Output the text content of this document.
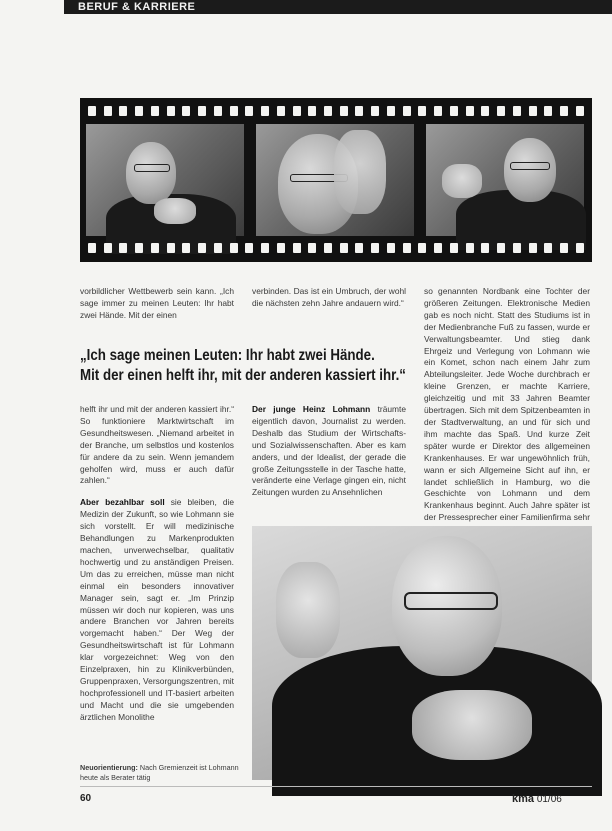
BERUF & KARRIERE
vorbildlicher Wettbewerb sein kann. „Ich sage immer zu meinen Leuten: Ihr habt zwei Hände. Mit der einen
verbinden. Das ist ein Umbruch, der wohl die nächsten zehn Jahre andauern wird.“
„Ich sage meinen Leuten: Ihr habt zwei Hände.
Mit der einen helft ihr, mit der anderen kassiert ihr.“

helft ihr und mit der anderen kassiert ihr.“ So funktioniere Marktwirtschaft im Gesundheitswesen. „Niemand arbeitet in der Branche, um selbstlos und kostenlos für andere da zu sein. Wenn jemandem geholfen wird, muss er auch dafür zahlen.“

Aber bezahlbar soll sie bleiben, die Medizin der Zukunft, so wie Lohmann sie sich vorstellt. Er will medizinische Behandlungen zu Markenprodukten machen, unverwechselbar, qualitativ hochwertig und zu anständigen Preisen. Um das zu erreichen, müsse man nicht einmal ein besonders innovativer Manager sein, sagt er. „Im Prinzip müssen wir doch nur kopieren, was uns andere Branchen vor Jahren bereits vorgemacht haben.“ Der Weg der Gesundheitswirtschaft ist für Lohmann klar vorgezeichnet: Weg von den Einzelpraxen, hin zu Klinikverbünden, Gruppenpraxen, Versorgungszentren, mit hochprofessionell und IT-basiert arbeiten und Macht und die sie umgebenden ärztlichen Monolithe

Der junge Heinz Lohmann träumte eigentlich davon, Journalist zu werden. Deshalb das Studium der Wirtschafts- und Sozialwissenschaften. Aber es kam anders, und der Idealist, der gerade die große Zeitungsstelle in der Tasche hatte, veränderte eine Verlage gingen ein, nicht Zeitungen wurden zu Ansehnlichen

so genannten Nordbank eine Tochter der größeren Zeitungen. Elektronische Medien gab es noch nicht. Statt des Studiums ist in der Medienbranche Fuß zu fassen, wurde er Verwaltungsbeamter. Und stieg dank Ehrgeiz und Verlegung von Lohmann wie ein Komet, schon nach einem Jahr zum Abteilungsleiter. Jede Woche durchbrach er kleine Grenzen, er machte Karriere, gleichzeitig und mit 33 Jahren Beamter übertragen. Sich mit dem Spitzenbeamten in der Stadtverwaltung, an und für sich und ihm machte das Spaß. Und kurze Zeit später wurde er Direktor des allgemeinen Krankenhauses. Er war ungewöhnlich früh, wann er sich Allgemeine Sicht auf ihn, er landet schließlich in Hamburg, wo die Geschichte von Lohmann und dem Krankenhaus beginnt. Auch Jahre später ist der Pressesprecher einer Familienfirma sehr
Neuorientierung: Nach Gremienzeit ist Lohmann heute als Berater tätig
60	kma 01/06
